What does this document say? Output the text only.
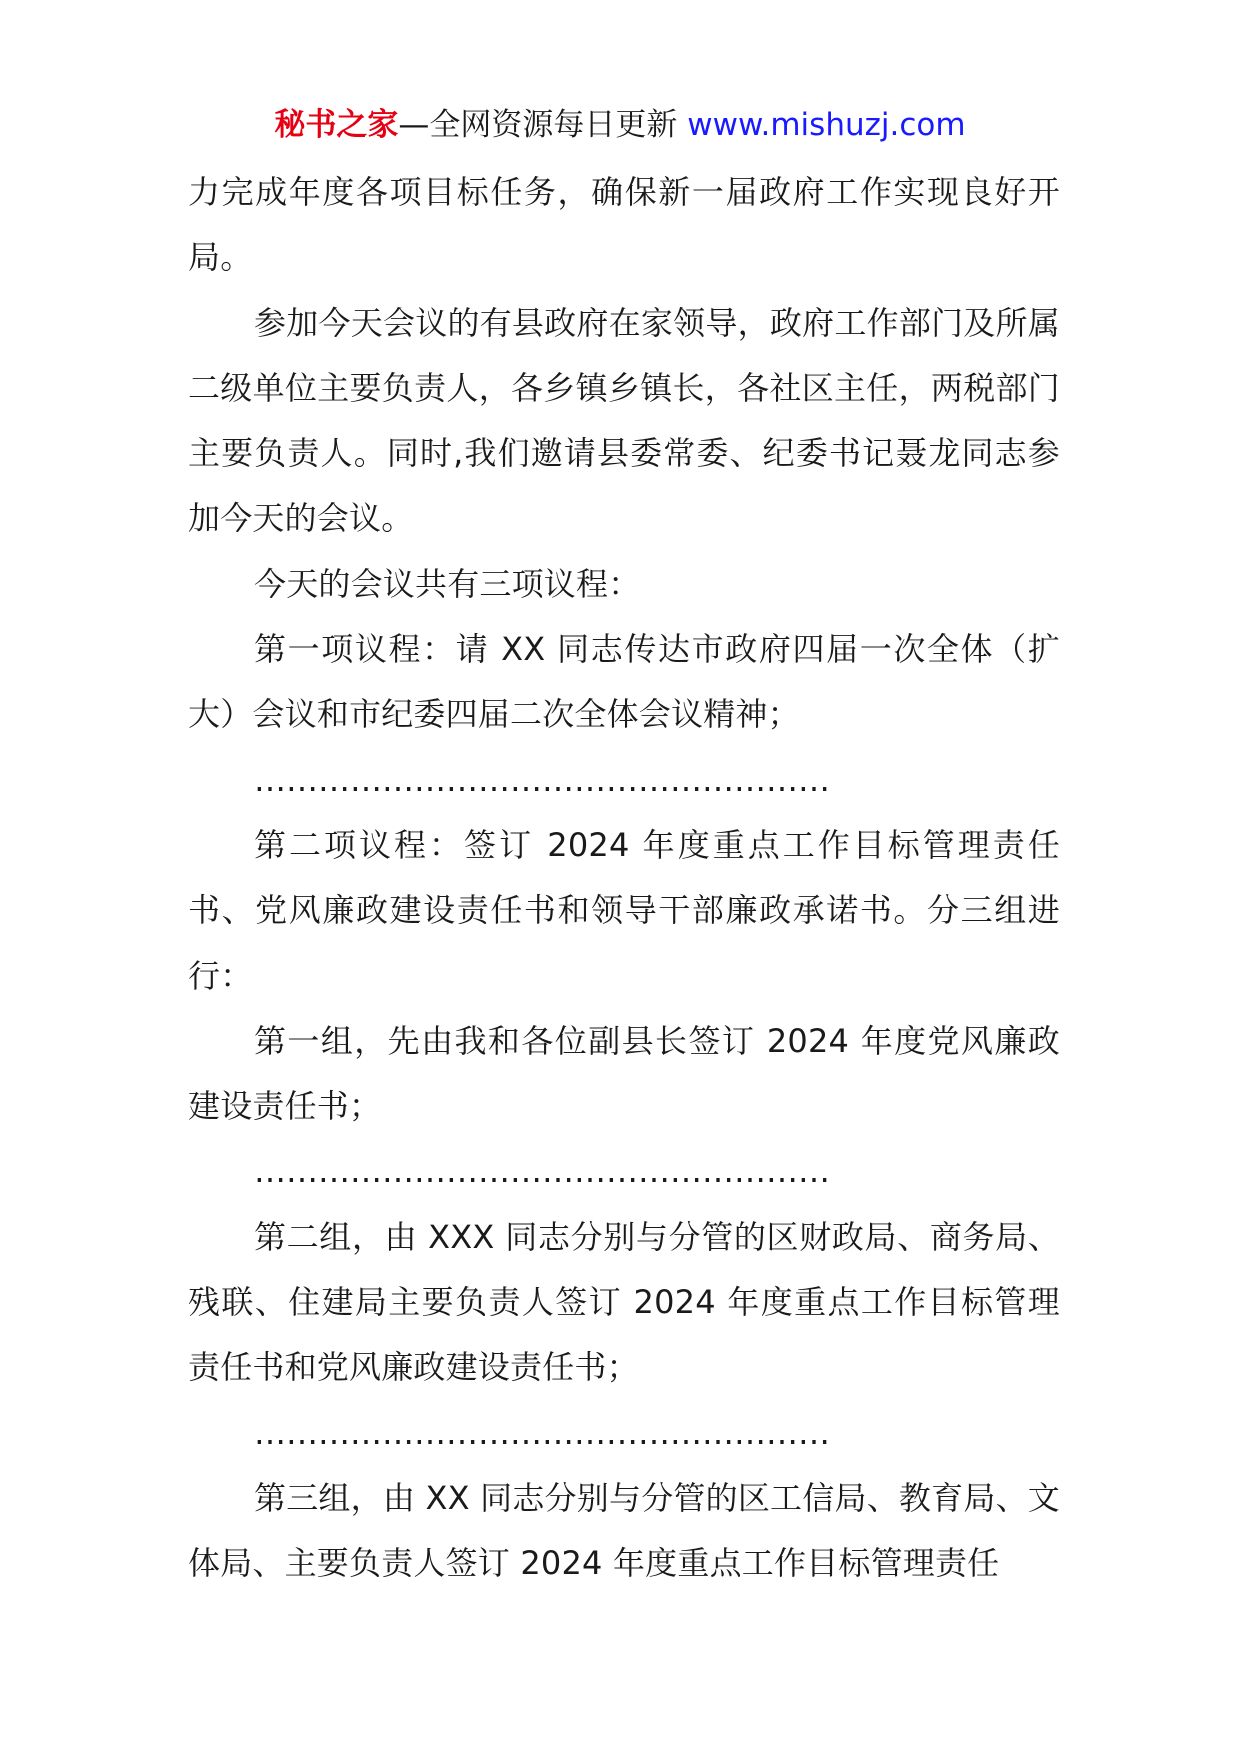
秘书之家—全网资源每日更新 www.mishuzj.com

力完成年度各项目标任务，确保新一届政府工作实现良好开局。

参加今天会议的有县政府在家领导，政府工作部门及所属二级单位主要负责人，各乡镇乡镇长，各社区主任，两税部门主要负责人。同时,我们邀请县委常委、纪委书记聂龙同志参加今天的会议。

今天的会议共有三项议程：

第一项议程：请 XX 同志传达市政府四届一次全体（扩大）会议和市纪委四届二次全体会议精神；

………………………………………………

第二项议程：签订 2024 年度重点工作目标管理责任书、党风廉政建设责任书和领导干部廉政承诺书。分三组进行：

第一组，先由我和各位副县长签订 2024 年度党风廉政建设责任书；

………………………………………………

第二组，由 XXX 同志分别与分管的区财政局、商务局、残联、住建局主要负责人签订 2024 年度重点工作目标管理责任书和党风廉政建设责任书；

………………………………………………

第三组，由 XX 同志分别与分管的区工信局、教育局、文体局、主要负责人签订 2024 年度重点工作目标管理责任
